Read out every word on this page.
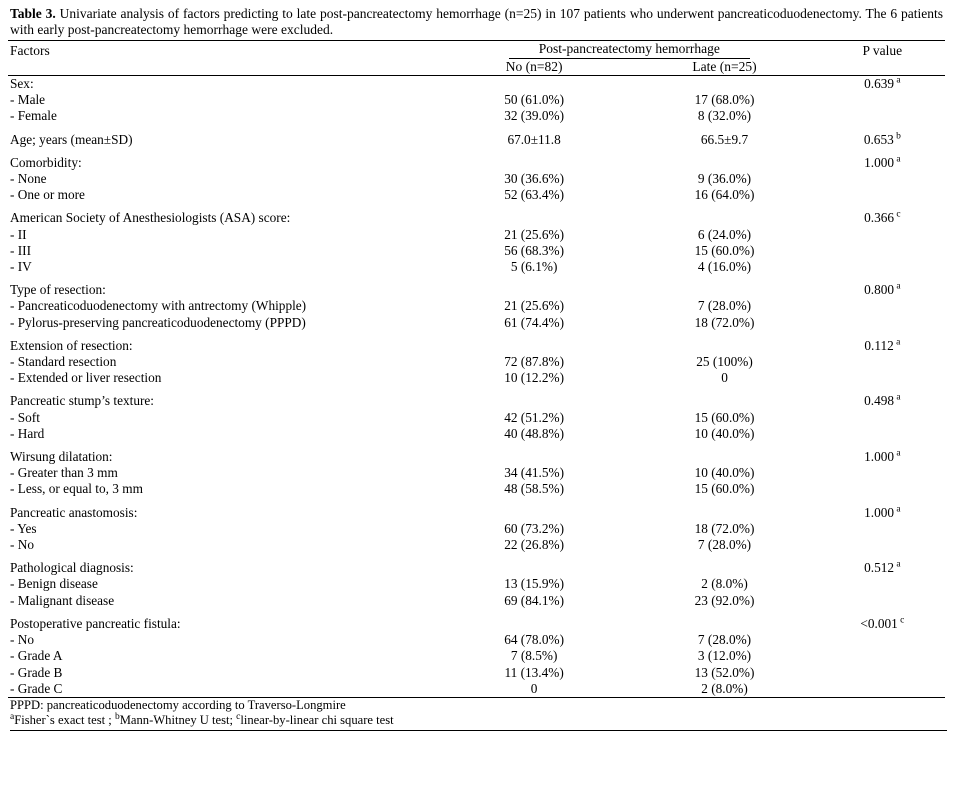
Table 3. Univariate analysis of factors predicting to late post-pancreatectomy hemorrhage (n=25) in 107 patients who underwent pancreaticoduodenectomy. The 6 patients with early post-pancreatectomy hemorrhage were excluded.
Factors	Post-pancreatectomy hemorrhage		P value
	No (n=82)	Late (n=25)	

Sex:			0.639 $^a$
- Male	50 (61.0%)	17 (68.0%)	
- Female	32 (39.0%)	8 (32.0%)	

Age; years (mean±SD)	67.0±11.8	66.5±9.7	0.653 $^b$

Comorbidity:			1.000 $^a$
- None	30 (36.6%)	9 (36.0%)	
- One or more	52 (63.4%)	16 (64.0%)	

American Society of Anesthesiologists (ASA) score:			0.366 $^c$
- II	21 (25.6%)	6 (24.0%)	
- III	56 (68.3%)	15 (60.0%)	
- IV	5 (6.1%)	4 (16.0%)	

Type of resection:			0.800 $^a$
- Pancreaticoduodenectomy with antrectomy (Whipple)	21 (25.6%)	7 (28.0%)	
- Pylorus-preserving pancreaticoduodenectomy (PPPD)	61 (74.4%)	18 (72.0%)	

Extension of resection:			0.112 $^a$
- Standard resection	72 (87.8%)	25 (100%)	
- Extended or liver resection	10 (12.2%)	0	

Pancreatic stump’s texture:			0.498 $^a$
- Soft	42 (51.2%)	15 (60.0%)	
- Hard	40 (48.8%)	10 (40.0%)	

Wirsung dilatation:			1.000 $^a$
- Greater than 3 mm	34 (41.5%)	10 (40.0%)	
- Less, or equal to, 3 mm	48 (58.5%)	15 (60.0%)	

Pancreatic anastomosis:			1.000 $^a$
- Yes	60 (73.2%)	18 (72.0%)	
- No	22 (26.8%)	7 (28.0%)	

Pathological diagnosis:			0.512 $^a$
- Benign disease	13 (15.9%)	2 (8.0%)	
- Malignant disease	69 (84.1%)	23 (92.0%)	

Postoperative pancreatic fistula:			<0.001 $^c$
- No	64 (78.0%)	7 (28.0%)	
- Grade A	7 (8.5%)	3 (12.0%)	
- Grade B	11 (13.4%)	13 (52.0%)	
- Grade C	0	2 (8.0%)	

PPPD: pancreaticoduodenectomy according to Traverso-Longmire
$^a$Fisher`s exact test ; $^b$Mann-Whitney U test; $^c$linear-by-linear chi square test
